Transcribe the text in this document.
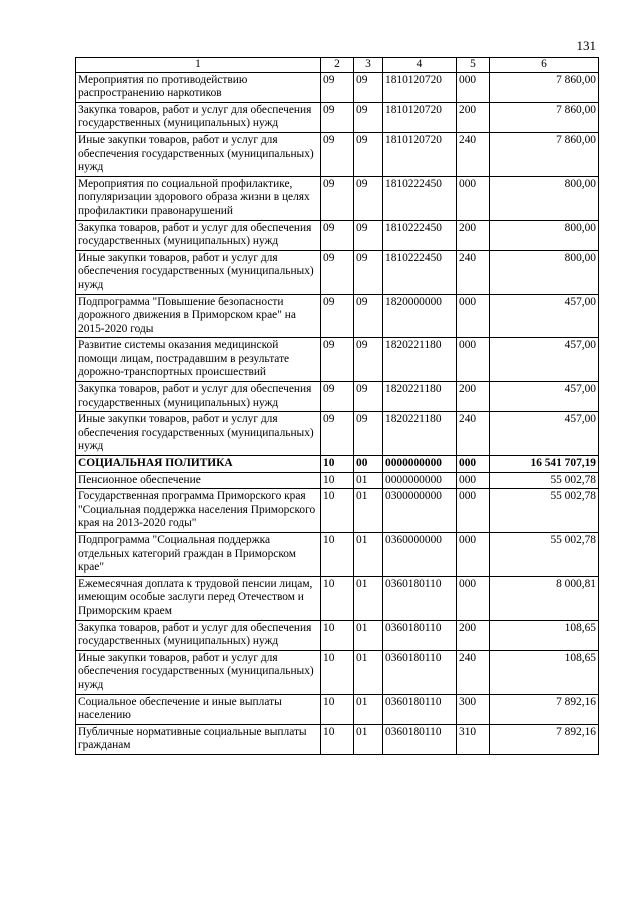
131
1	2	3	4	5	6
Мероприятия по противодействию распространению наркотиков	09	09	1810120720	000	7 860,00
Закупка товаров, работ и услуг для обеспечения государственных (муниципальных) нужд	09	09	1810120720	200	7 860,00
Иные закупки товаров, работ и услуг для обеспечения государственных (муниципальных) нужд	09	09	1810120720	240	7 860,00
Мероприятия по социальной профилактике, популяризации здорового образа жизни в целях профилактики правонарушений	09	09	1810222450	000	800,00
Закупка товаров, работ и услуг для обеспечения государственных (муниципальных) нужд	09	09	1810222450	200	800,00
Иные закупки товаров, работ и услуг для обеспечения государственных (муниципальных) нужд	09	09	1810222450	240	800,00
Подпрограмма "Повышение безопасности дорожного движения в Приморском крае" на 2015-2020 годы	09	09	1820000000	000	457,00
Развитие системы оказания медицинской помощи лицам, пострадавшим в результате дорожно-транспортных происшествий	09	09	1820221180	000	457,00
Закупка товаров, работ и услуг для обеспечения государственных (муниципальных) нужд	09	09	1820221180	200	457,00
Иные закупки товаров, работ и услуг для обеспечения государственных (муниципальных) нужд	09	09	1820221180	240	457,00
СОЦИАЛЬНАЯ ПОЛИТИКА	10	00	0000000000	000	16 541 707,19
Пенсионное обеспечение	10	01	0000000000	000	55 002,78
Государственная программа Приморского края "Социальная поддержка населения Приморского края на 2013-2020 годы"	10	01	0300000000	000	55 002,78
Подпрограмма "Социальная поддержка отдельных категорий граждан в Приморском крае"	10	01	0360000000	000	55 002,78
Ежемесячная доплата к трудовой пенсии лицам, имеющим особые заслуги перед Отечеством и Приморским краем	10	01	0360180110	000	8 000,81
Закупка товаров, работ и услуг для обеспечения государственных (муниципальных) нужд	10	01	0360180110	200	108,65
Иные закупки товаров, работ и услуг для обеспечения государственных (муниципальных) нужд	10	01	0360180110	240	108,65
Социальное обеспечение и иные выплаты населению	10	01	0360180110	300	7 892,16
Публичные нормативные социальные выплаты гражданам	10	01	0360180110	310	7 892,16
